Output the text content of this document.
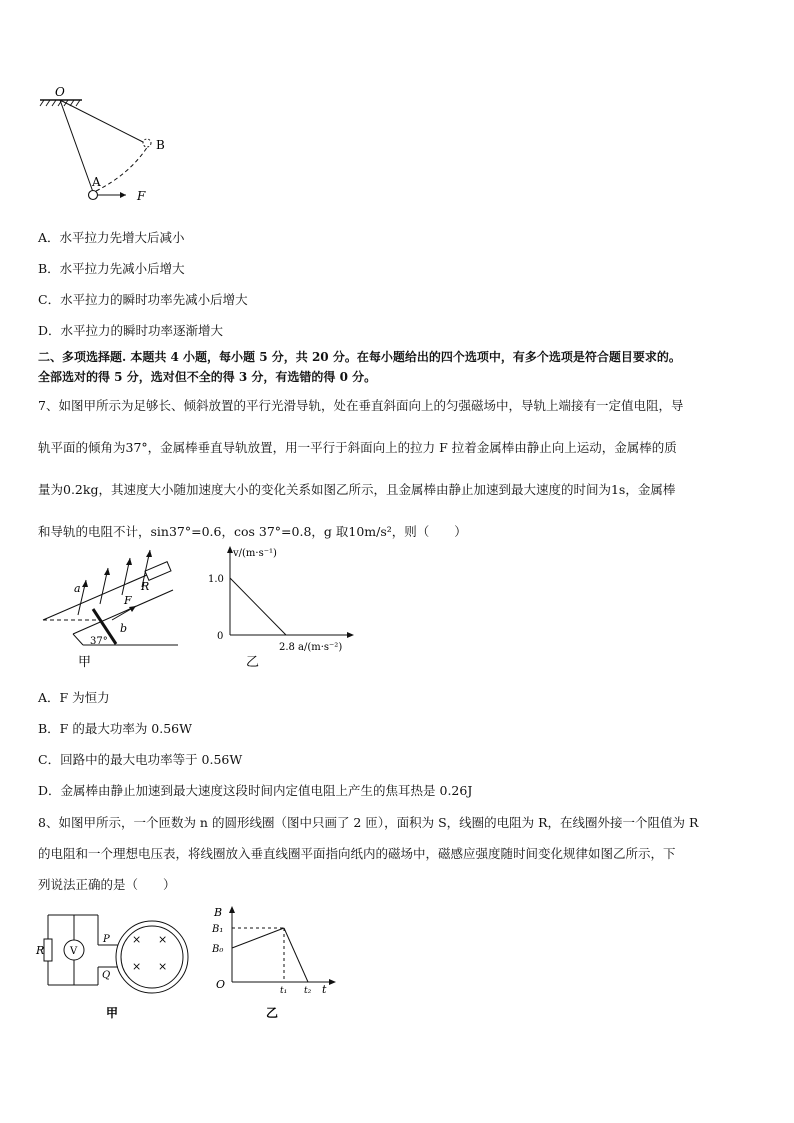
O
A
B
F
A．水平拉力先增大后减小
B．水平拉力先减小后增大
C．水平拉力的瞬时功率先减小后增大
D．水平拉力的瞬时功率逐渐增大
二、多项选择题. 本题共 4 小题，每小题 5 分，共 20 分。在每小题给出的四个选项中，有多个选项是符合题目要求的。
全部选对的得 5 分，选对但不全的得 3 分，有选错的得 0 分。
7、如图甲所示为足够长、倾斜放置的平行光滑导轨，处在垂直斜面向上的匀强磁场中，导轨上端接有一定值电阻，导
轨平面的倾角为37°，金属棒垂直导轨放置，用一平行于斜面向上的拉力 F 拉着金属棒由静止向上运动，金属棒的质
量为0.2kg，其速度大小随加速度大小的变化关系如图乙所示，且金属棒由静止加速到最大速度的时间为1s，金属棒
和导轨的电阻不计，sin37°=0.6，cos 37°=0.8，g 取10m/s²，则（　　）
a
b
R
F
37°
甲
v/(m·s⁻¹)
1.0
0
2.8 a/(m·s⁻²)
乙
A．F 为恒力
B．F 的最大功率为 0.56W
C．回路中的最大电功率等于 0.56W
D．金属棒由静止加速到最大速度这段时间内定值电阻上产生的焦耳热是 0.26J
8、如图甲所示，一个匝数为 n 的圆形线圈（图中只画了 2 匝），面积为 S，线圈的电阻为 R，在线圈外接一个阻值为 R
的电阻和一个理想电压表，将线圈放入垂直线圈平面指向纸内的磁场中，磁感应强度随时间变化规律如图乙所示，下
列说法正确的是（　　）
R	V
P
Q
× ×
× ×
甲
B
B₁
B₀
O	t₁ t₂ t
乙
